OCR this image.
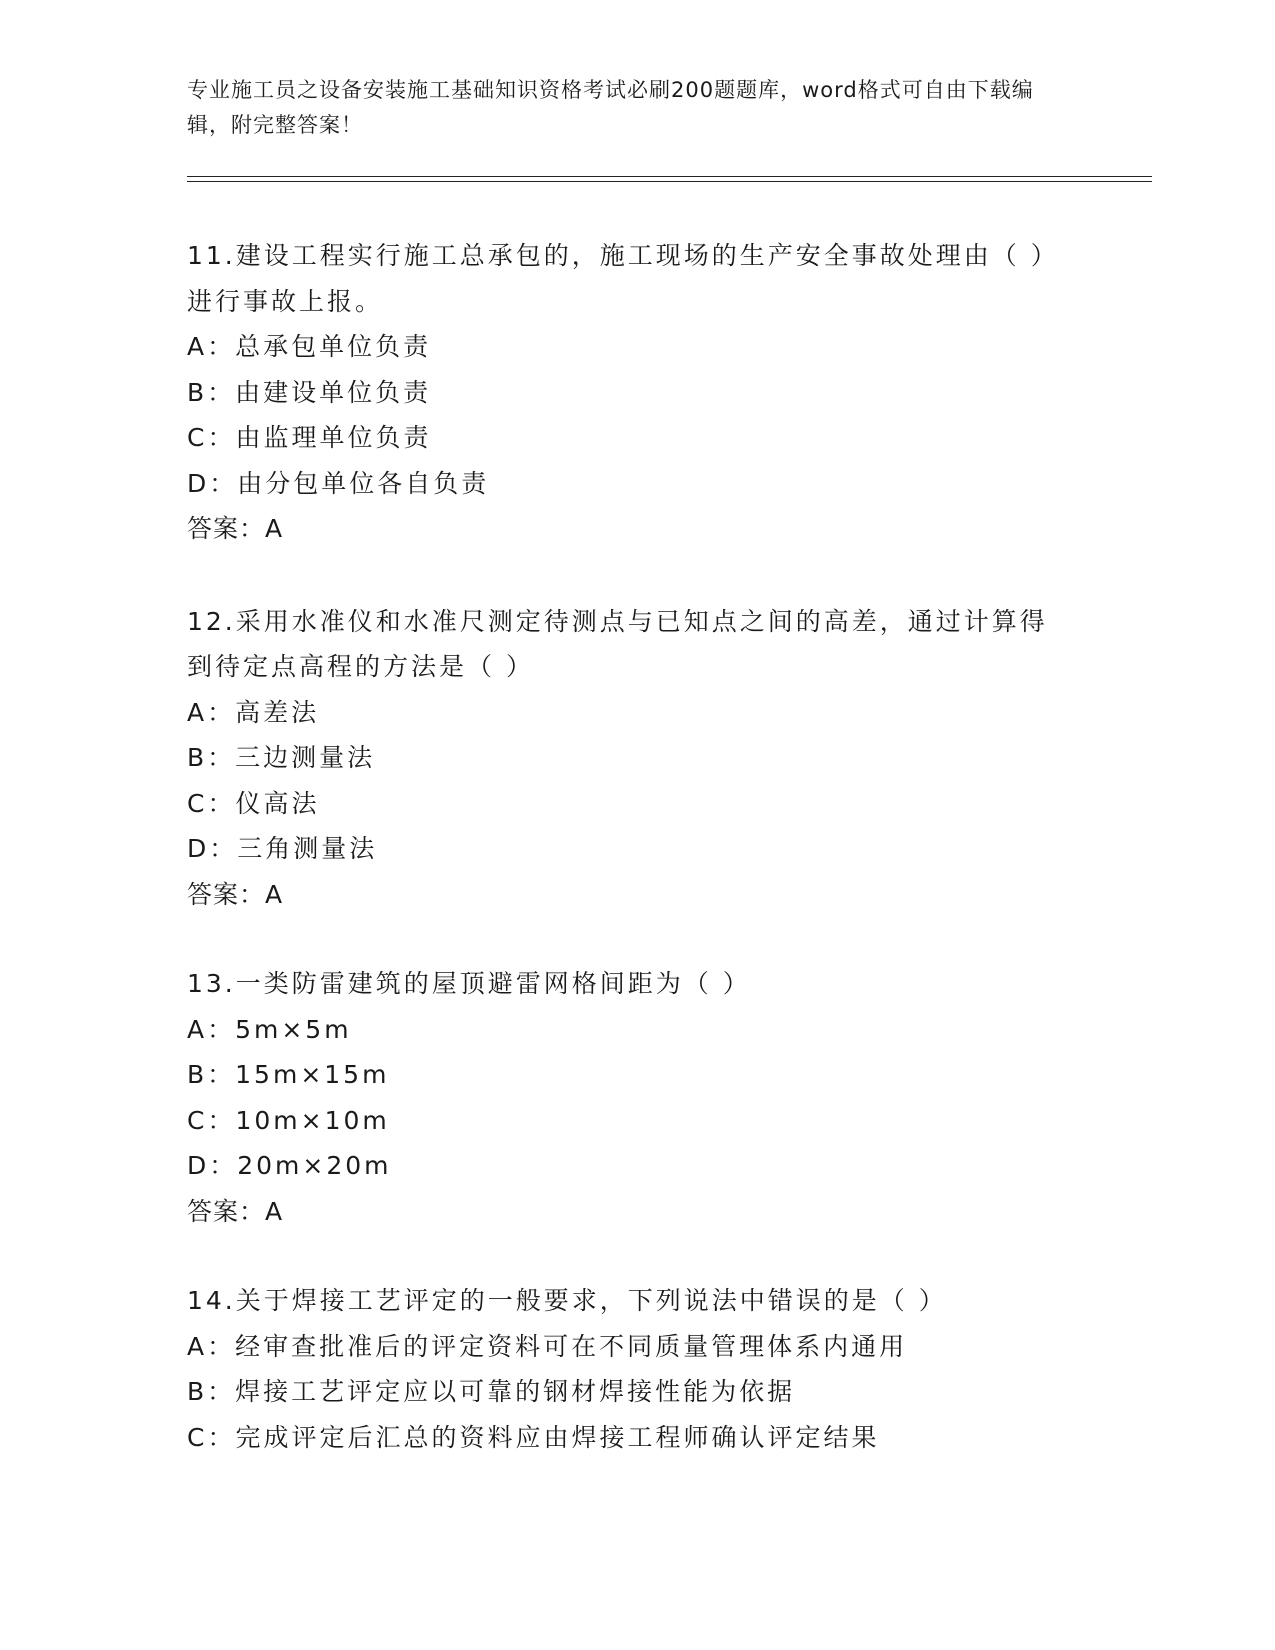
专业施工员之设备安装施工基础知识资格考试必刷200题题库，word格式可自由下载编辑，附完整答案！
11.建设工程实行施工总承包的，施工现场的生产安全事故处理由（ ）进行事故上报。
A：总承包单位负责
B：由建设单位负责
C：由监理单位负责
D：由分包单位各自负责
答案：A
12.采用水准仪和水准尺测定待测点与已知点之间的高差，通过计算得到待定点高程的方法是（ ）
A：高差法
B：三边测量法
C：仪高法
D：三角测量法
答案：A
13.一类防雷建筑的屋顶避雷网格间距为（ ）
A：5m×5m
B：15m×15m
C：10m×10m
D：20m×20m
答案：A
14.关于焊接工艺评定的一般要求，下列说法中错误的是（ ）
A：经审查批准后的评定资料可在不同质量管理体系内通用
B：焊接工艺评定应以可靠的钢材焊接性能为依据
C：完成评定后汇总的资料应由焊接工程师确认评定结果
